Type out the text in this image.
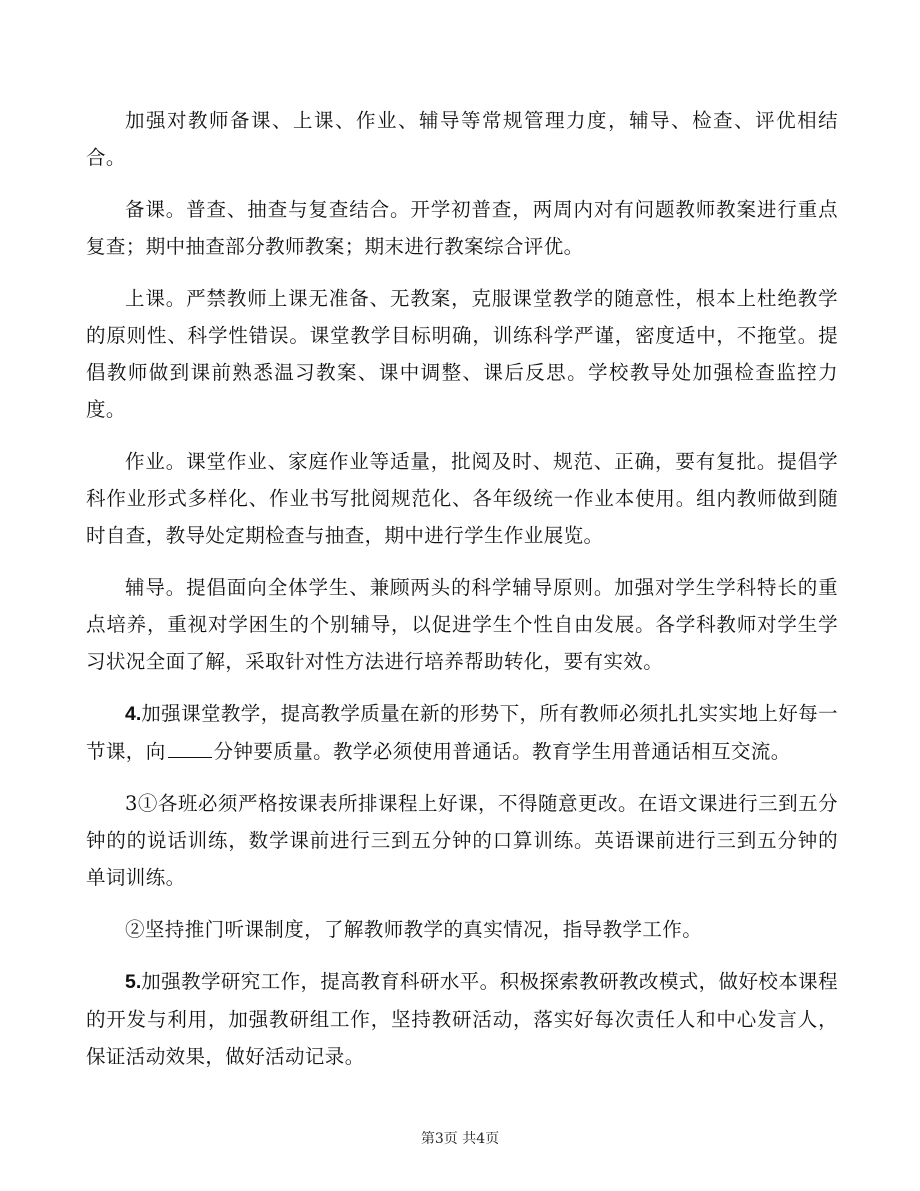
加强对教师备课、上课、作业、辅导等常规管理力度，辅导、检查、评优相结合。

备课。普查、抽查与复查结合。开学初普查，两周内对有问题教师教案进行重点复查；期中抽查部分教师教案；期末进行教案综合评优。

上课。严禁教师上课无准备、无教案，克服课堂教学的随意性，根本上杜绝教学的原则性、科学性错误。课堂教学目标明确，训练科学严谨，密度适中，不拖堂。提倡教师做到课前熟悉温习教案、课中调整、课后反思。学校教导处加强检查监控力度。

作业。课堂作业、家庭作业等适量，批阅及时、规范、正确，要有复批。提倡学科作业形式多样化、作业书写批阅规范化、各年级统一作业本使用。组内教师做到随时自查，教导处定期检查与抽查，期中进行学生作业展览。

辅导。提倡面向全体学生、兼顾两头的科学辅导原则。加强对学生学科特长的重点培养，重视对学困生的个别辅导，以促进学生个性自由发展。各学科教师对学生学习状况全面了解，采取针对性方法进行培养帮助转化，要有实效。

4.加强课堂教学，提高教学质量在新的形势下，所有教师必须扎扎实实地上好每一节课，向 分钟要质量。教学必须使用普通话。教育学生用普通话相互交流。

3①各班必须严格按课表所排课程上好课，不得随意更改。在语文课进行三到五分钟的的说话训练，数学课前进行三到五分钟的口算训练。英语课前进行三到五分钟的单词训练。

②坚持推门听课制度，了解教师教学的真实情况，指导教学工作。

5.加强教学研究工作，提高教育科研水平。积极探索教研教改模式，做好校本课程的开发与利用，加强教研组工作，坚持教研活动，落实好每次责任人和中心发言人，保证活动效果，做好活动记录。

第3页 共4页
